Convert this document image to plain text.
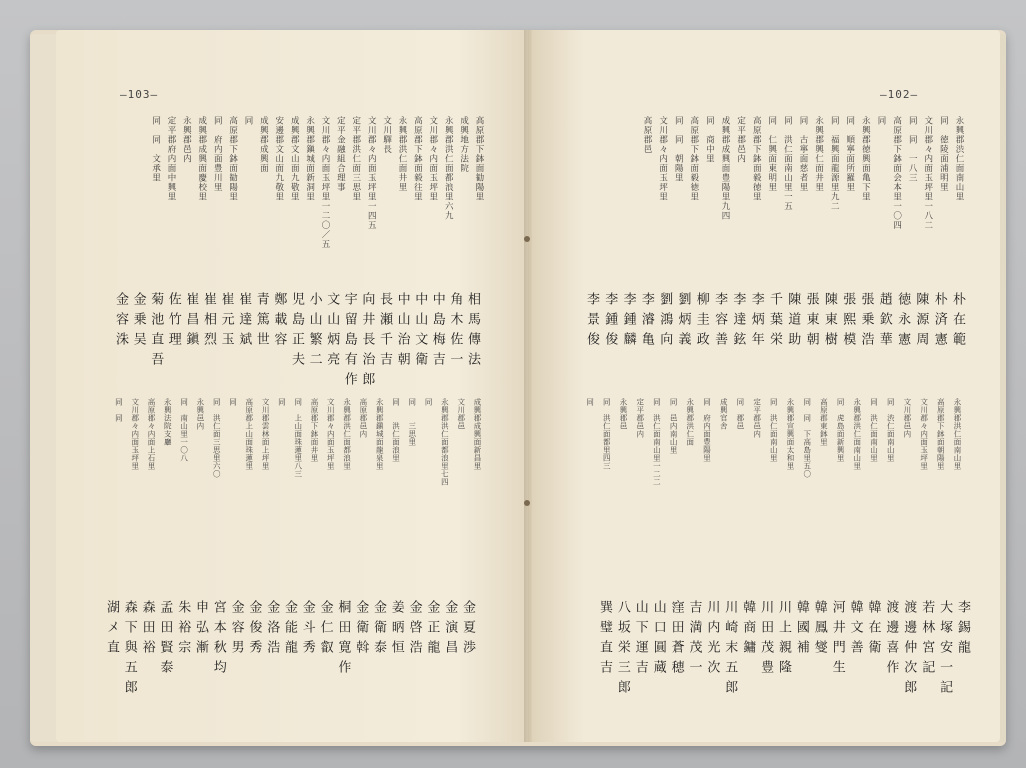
—103—	—102—
永興郡渋仁面南山里
同　徳陵面浦明里
文川郡々内面玉坪里一八二
同　同　一八三
高原郡下鉢面会本里一〇四
同
永興郡徳興面亀下里
同　順寧面所羅里
同　福興面龍源里九二
永興郡興仁面井里
同　古寧面慈者里
同　洪仁面南山里一五
同　仁興面東明里
高原郡下鉢面毅徳里
定平郡邑内
成興郡成興面豊陽里九四
同　商中里
高原郡下鉢面毅徳里
同　同　朝陽里
文川郡々内面玉坪里
高原郡邑
朴在範
朴済憲
陳源周
徳永憲
趙欽華
張乗浩
張熙模
陳東樹
張東朝
陳道助
千葉栄
李炳年
李達鉉
李容善
柳圭政
劉炳義
劉鴻向
李濬亀
李鍾麟
李鍾俊
李景俊
永興郡洪仁面南山里
高原郡下鉢面朝陽里
文川郡々内面玉坪里
文川郡邑内
同　渋仁面南山里
同　洪仁面南山里
永興郡洪仁面南山里
同　虎島面新興里
高原郡東鉢里
同　同　下高島里五〇
永興郡宣興面太和里
同　洪仁面南山里
定平郡邑内
同　郡邑
成興官舎
同　府内面豊陽里
永興郡洪仁面
同　邑内南山里
同　洪仁面南山里一二二
定平郡邑内
永興郡邑
同　洪仁面都里四三
同
李錫龍
大塚安一記
若林宮記
渡邊仲次郎
渡邊喜作
韓在衛
韓文善
河井門生
韓鳳燮
韓國補
川上親隆
川田茂豊
韓商鏞
川崎末五郎
川内光次
吉満茂一
窪田蒼穂
山口圓蔵
山下運吉
八坂栄三郎
巽璧直吉
高原郡下鉢面勧陽里
成興地方法院
永興郡洪仁面都浪里六九
文川郡々内面玉坪里
高原郡下鉢面毅往里
永興郡洪仁面井里
文川驛長
文川郡々内面玉坪里一四五
定平郡洪仁面三思里
定平金融組合理事
文川郡々内面玉坪里一二〇／五
永興郡鎭城面新洞里
成興郡文山面九敬里
安邊郡文山面九敬里
成興郡成興面
同
高原郡下鉢面勧陽里
同　府内面豊川里
成興郡成興面慶校里
永興郡邑内
定平郡府内面中興里
同　同　文承里
相馬傳法
角木佐一
中島梅吉
中山文衛
中山治朝
長瀬千吉
向井長治郎
宇留島有作
文山炳亮
小山繁二
児島正夫
鄭載容
青篤世
崔達斌
崔元玉
崔相烈
崔昌鎭
佐竹理
菊池直吾
金乗吴
金容洙
成興郡成興面新昌里
文川郡邑
永興郡洪仁面都浪里七四
同
同　　三思里
同　　洪仁面浪里
永興郡鎭城面龍泉里
高原郡邑内
永興郡洪仁面都浪里
文川郡々内面玉坪里
高原郡下鉢面井里
同　上山面珠蓮里八三
同
文川郡雲林面上坪里
高原郡上山面珠蓮里
同
同　洪仁面三思里六〇
永興邑内
同　南山里一〇八
永興法院支廳
高原郡々内面上石里
文川郡々内面玉坪里
同　同
金夏渉
金演昌
金正龍
金啓浩
姜昞恒
金衛泰
金衛斡
桐田寛作
金仁叡
金斗秀
金能龍
金洛浩
金俊秀
金容男
宮本秋均
申弘漸
朱裕宗
孟田賢泰
森田裕
森下與五郎
湖メ直
